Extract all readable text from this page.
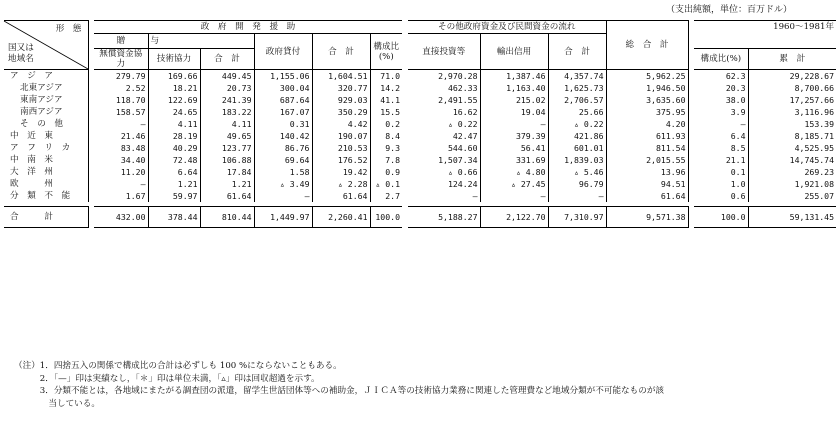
（支出純額，単位：百万ドル）
形　態
国又は
地域名		政　府　開　発　援　助							その他政府資金及び民間資金の流れ			総　合　計		1960～1981年	
		贈	与		政府貸付	合　計	構成比(%)		直接投資等	輸出信用	合　計				
		無償資金協力	技術協力	合　計										構成比(%)	累　計
ア　ジ　ア		279.79	169.66	449.45	1,155.06	1,604.51	71.0		2,970.28	1,387.46	4,357.74	5,962.25		62.3	29,228.67
北東アジア		2.52	18.21	20.73	300.04	320.77	14.2		462.33	1,163.40	1,625.73	1,946.50		20.3	8,700.66
東南アジア		118.70	122.69	241.39	687.64	929.03	41.1		2,491.55	215.02	2,706.57	3,635.60		38.0	17,257.66
南西アジア		158.57	24.65	183.22	167.07	350.29	15.5		16.62	19.04	25.66	375.95		3.9	3,116.96
そ　の　他		—	4.11	4.11	0.31	4.42	0.2		▵ 0.22	—	▵ 0.22	4.20		—	153.39
中　近　東		21.46	28.19	49.65	140.42	190.07	8.4		42.47	379.39	421.86	611.93		6.4	8,185.71
ア　フ　リ　カ		83.48	40.29	123.77	86.76	210.53	9.3		544.60	56.41	601.01	811.54		8.5	4,525.95
中　南　米		34.40	72.48	106.88	69.64	176.52	7.8		1,507.34	331.69	1,839.03	2,015.55		21.1	14,745.74
大　洋　州		11.20	6.64	17.84	1.58	19.42	0.9		▵ 0.66	▵ 4.80	▵ 5.46	13.96		0.1	269.23
欧　　　州		—	1.21	1.21	▵ 3.49	▵ 2.28	▵ 0.1		124.24	▵ 27.45	96.79	94.51		1.0	1,921.08
分　類　不　能		1.67	59.97	61.64	—	61.64	2.7		—	—	—	61.64		0.6	255.07

合　　　計		432.00	378.44	810.44	1,449.97	2,260.41	100.0		5,188.27	2,122.70	7,310.97	9,571.38		100.0	59,131.45
（注）1．四捨五入の関係で構成比の合計は必ずしも 100 %にならないこともある。
　　　2．「—」印は実績なし，「＊」印は単位未満，「▵」印は回収超過を示す。
　　　3．分類不能とは，各地域にまたがる調査団の派遣，留学生世話団体等への補助金，ＪＩＣＡ等の技術協力業務に関連した管理費など地域分類が不可能なものが該
　　　　当している。
